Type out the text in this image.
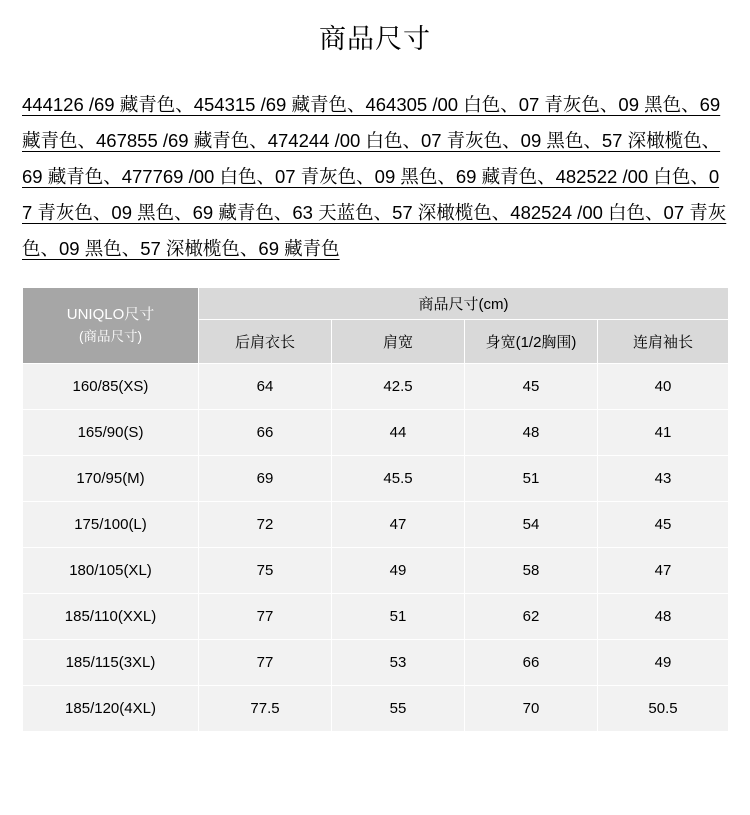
商品尺寸
444126 /69 藏青色、454315 /69 藏青色、464305 /00 白色、07 青灰色、09 黑色、69 藏青色、467855 /69 藏青色、474244 /00 白色、07 青灰色、09 黑色、57 深橄榄色、69 藏青色、477769 /00 白色、07 青灰色、09 黑色、69 藏青色、482522 /00 白色、07 青灰色、09 黑色、69 藏青色、63 天蓝色、57 深橄榄色、482524 /00 白色、07 青灰色、09 黑色、57 深橄榄色、69 藏青色
UNIQLO尺寸
(商品尺寸)	商品尺寸(cm)			
	后肩衣长	肩宽	身宽(1/2胸围)	连肩袖长
160/85(XS)	64	42.5	45	40
165/90(S)	66	44	48	41
170/95(M)	69	45.5	51	43
175/100(L)	72	47	54	45
180/105(XL)	75	49	58	47
185/110(XXL)	77	51	62	48
185/115(3XL)	77	53	66	49
185/120(4XL)	77.5	55	70	50.5
